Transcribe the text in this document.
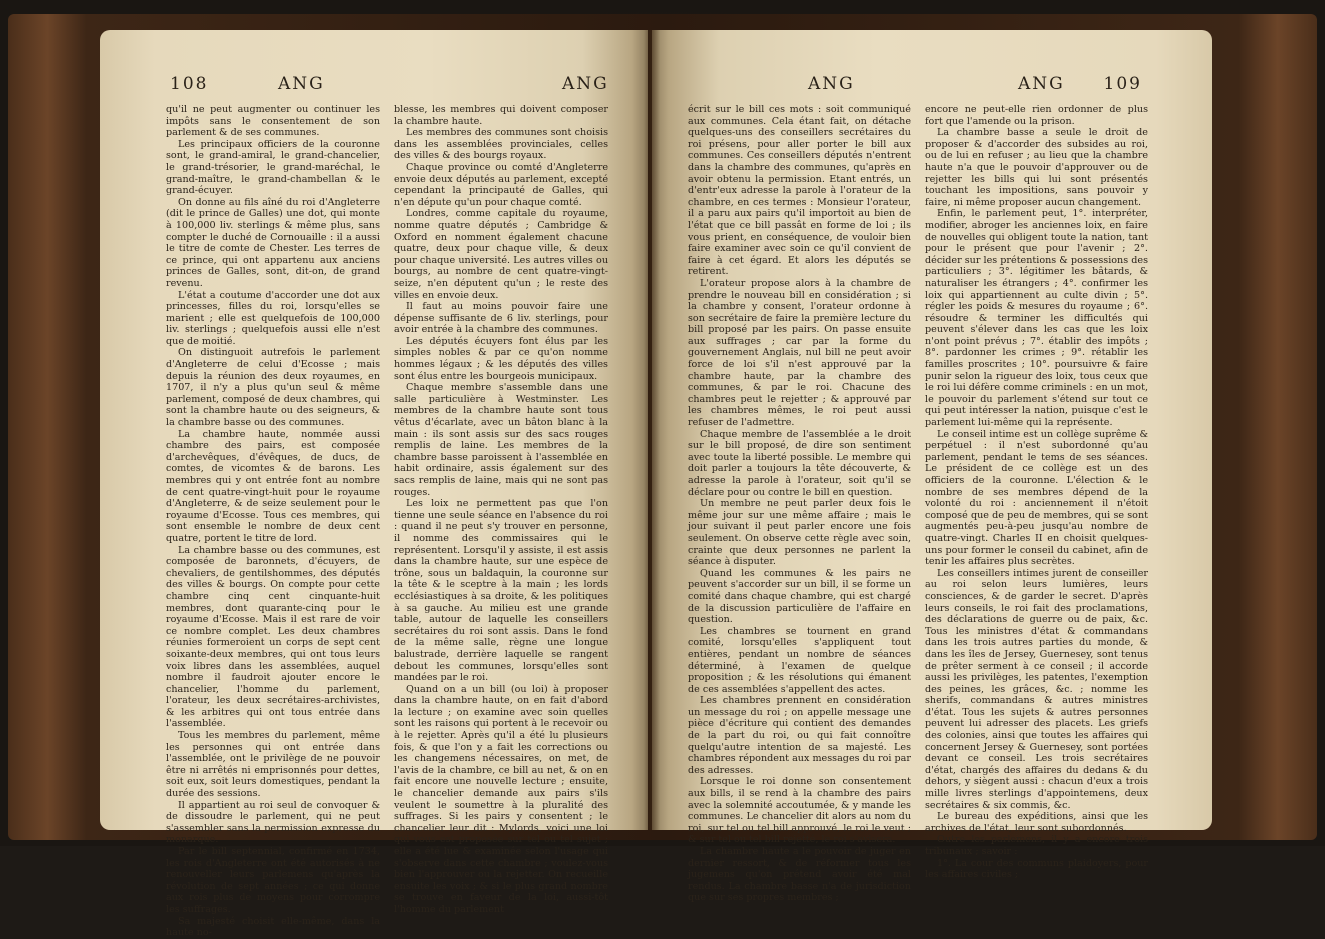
108	ANG	ANG

qu'il ne peut augmenter ou continuer les impôts sans le consentement de son parlement & de ses communes.

Les principaux officiers de la couronne sont, le grand-amiral, le grand-chancelier, le grand-trésorier, le grand-maréchal, le grand-maître, le grand-chambellan & le grand-écuyer.

On donne au fils aîné du roi d'Angleterre (dit le prince de Galles) une dot, qui monte à 100,000 liv. sterlings & même plus, sans compter le duché de Cornouaille : il a aussi le titre de comte de Chester. Les terres de ce prince, qui ont appartenu aux anciens princes de Galles, sont, dit-on, de grand revenu.

L'état a coutume d'accorder une dot aux princesses, filles du roi, lorsqu'elles se marient ; elle est quelquefois de 100,000 liv. sterlings ; quelquefois aussi elle n'est que de moitié.

On distinguoit autrefois le parlement d'Angleterre de celui d'Ecosse ; mais depuis la réunion des deux royaumes, en 1707, il n'y a plus qu'un seul & même parlement, composé de deux chambres, qui sont la chambre haute ou des seigneurs, & la chambre basse ou des communes.

La chambre haute, nommée aussi chambre des pairs, est composée d'archevêques, d'évêques, de ducs, de comtes, de vicomtes & de barons. Les membres qui y ont entrée font au nombre de cent quatre-vingt-huit pour le royaume d'Angleterre, & de seize seulement pour le royaume d'Ecosse. Tous ces membres, qui sont ensemble le nombre de deux cent quatre, portent le titre de lord.

La chambre basse ou des communes, est composée de baronnets, d'écuyers, de chevaliers, de gentilshommes, des députés des villes & bourgs. On compte pour cette chambre cinq cent cinquante-huit membres, dont quarante-cinq pour le royaume d'Ecosse. Mais il est rare de voir ce nombre complet. Les deux chambres réunies formeroient un corps de sept cent soixante-deux membres, qui ont tous leurs voix libres dans les assemblées, auquel nombre il faudroit ajouter encore le chancelier, l'homme du parlement, l'orateur, les deux secrétaires-archivistes, & les arbitres qui ont tous entrée dans l'assemblée.

Tous les membres du parlement, même les personnes qui ont entrée dans l'assemblée, ont le privilège de ne pouvoir être ni arrêtés ni emprisonnés pour dettes, soit eux, soit leurs domestiques, pendant la durée des sessions.

Il appartient au roi seul de convoquer & de dissoudre le parlement, qui ne peut s'assembler sans la permission expresse du monarque.

Par le bill septennial, confirmé en 1734, les rois d'Angleterre ont été autorisés à ne renouveller leurs parlemens qu'après la révolution de sept années ; ce qui donne aux rois plus de moyens pour corrompre les suffrages.

Sa majesté choisit elle-même, dans la haute no-

blesse, les membres qui doivent composer la chambre haute.

Les membres des communes sont choisis dans les assemblées provinciales, celles des villes & des bourgs royaux.

Chaque province ou comté d'Angleterre envoie deux députés au parlement, excepté cependant la principauté de Galles, qui n'en députe qu'un pour chaque comté.

Londres, comme capitale du royaume, nomme quatre députés ; Cambridge & Oxford en nomment également chacune quatre, deux pour chaque ville, & deux pour chaque université. Les autres villes ou bourgs, au nombre de cent quatre-vingt-seize, n'en députent qu'un ; le reste des villes en envoie deux.

Il faut au moins pouvoir faire une dépense suffisante de 6 liv. sterlings, pour avoir entrée à la chambre des communes.

Les députés écuyers font élus par les simples nobles & par ce qu'on nomme hommes légaux ; & les députés des villes sont élus entre les bourgeois municipaux.

Chaque membre s'assemble dans une salle particulière à Westminster. Les membres de la chambre haute sont tous vêtus d'écarlate, avec un bâton blanc à la main : ils sont assis sur des sacs rouges remplis de laine. Les membres de la chambre basse paroissent à l'assemblée en habit ordinaire, assis également sur des sacs remplis de laine, mais qui ne sont pas rouges.

Les loix ne permettent pas que l'on tienne une seule séance en l'absence du roi : quand il ne peut s'y trouver en personne, il nomme des commissaires qui le représentent. Lorsqu'il y assiste, il est assis dans la chambre haute, sur une espèce de trône, sous un baldaquin, la couronne sur la tête & le sceptre à la main ; les lords ecclésiastiques à sa droite, & les politiques à sa gauche. Au milieu est une grande table, autour de laquelle les conseillers secrétaires du roi sont assis. Dans le fond de la même salle, règne une longue balustrade, derrière laquelle se rangent debout les communes, lorsqu'elles sont mandées par le roi.

Quand on a un bill (ou loi) à proposer dans la chambre haute, on en fait d'abord la lecture ; on examine avec soin quelles sont les raisons qui portent à le recevoir ou à le rejetter. Après qu'il a été lu plusieurs fois, & que l'on y a fait les corrections ou les changemens nécessaires, on met, de l'avis de la chambre, ce bill au net, & on en fait encore une nouvelle lecture ; ensuite, le chancelier demande aux pairs s'ils veulent le soumettre à la pluralité des suffrages. Si les pairs y consentent ; le chancelier leur dit : Mylords, voici une loi qui vous est proposée sur tel ou tel sujet ; elle a été lue & examinée selon l'usage qui s'observe dans cette chambre ; voulez-vous bien l'approuver ou la rejetter. On recueille ensuite les voix ; & si le plus grand nombre se trouve en faveur de la loi, aussi-tôt l'homme du parlement

ANG	ANG 109

écrit sur le bill ces mots : soit communiqué aux communes. Cela étant fait, on détache quelques-uns des conseillers secrétaires du roi présens, pour aller porter le bill aux communes. Ces conseillers députés n'entrent dans la chambre des communes, qu'après en avoir obtenu la permission. Etant entrés, un d'entr'eux adresse la parole à l'orateur de la chambre, en ces termes : Monsieur l'orateur, il a paru aux pairs qu'il importoit au bien de l'état que ce bill passât en forme de loi ; ils vous prient, en conséquence, de vouloir bien faire examiner avec soin ce qu'il convient de faire à cet égard. Et alors les députés se retirent.

L'orateur propose alors à la chambre de prendre le nouveau bill en considération ; si la chambre y consent, l'orateur ordonne à son secrétaire de faire la première lecture du bill proposé par les pairs. On passe ensuite aux suffrages ; car par la forme du gouvernement Anglais, nul bill ne peut avoir force de loi s'il n'est approuvé par la chambre haute, par la chambre des communes, & par le roi. Chacune des chambres peut le rejetter ; & approuvé par les chambres mêmes, le roi peut aussi refuser de l'admettre.

Chaque membre de l'assemblée a le droit sur le bill proposé, de dire son sentiment avec toute la liberté possible. Le membre qui doit parler a toujours la tête découverte, & adresse la parole à l'orateur, soit qu'il se déclare pour ou contre le bill en question.

Un membre ne peut parler deux fois le même jour sur une même affaire ; mais le jour suivant il peut parler encore une fois seulement. On observe cette règle avec soin, crainte que deux personnes ne parlent la séance à disputer.

Quand les communes & les pairs ne peuvent s'accorder sur un bill, il se forme un comité dans chaque chambre, qui est chargé de la discussion particulière de l'affaire en question.

Les chambres se tournent en grand comité, lorsqu'elles s'appliquent tout entières, pendant un nombre de séances déterminé, à l'examen de quelque proposition ; & les résolutions qui émanent de ces assemblées s'appellent des actes.

Les chambres prennent en considération un message du roi ; on appelle message une pièce d'écriture qui contient des demandes de la part du roi, ou qui fait connoître quelqu'autre intention de sa majesté. Les chambres répondent aux messages du roi par des adresses.

Lorsque le roi donne son consentement aux bills, il se rend à la chambre des pairs avec la solemnité accoutumée, & y mande les communes. Le chancelier dit alors au nom du roi, sur tel ou tel bill approuvé, le roi le veut ; & sur tel ou tel bill rejetté, le roi s'avisera.

La chambre haute a le pouvoir de juger en dernier ressort, & de réformer tous les jugemens qu'on prétend avoir été mal rendus. La chambre basse n'a de jurisdiction que sur ses propres membres ;

encore ne peut-elle rien ordonner de plus fort que l'amende ou la prison.

La chambre basse a seule le droit de proposer & d'accorder des subsides au roi, ou de lui en refuser ; au lieu que la chambre haute n'a que le pouvoir d'approuver ou de rejetter les bills qui lui sont présentés touchant les impositions, sans pouvoir y faire, ni même proposer aucun changement.

Enfin, le parlement peut, 1°. interpréter, modifier, abroger les anciennes loix, en faire de nouvelles qui obligent toute la nation, tant pour le présent que pour l'avenir ; 2°. décider sur les prétentions & possessions des particuliers ; 3°. légitimer les bâtards, & naturaliser les étrangers ; 4°. confirmer les loix qui appartiennent au culte divin ; 5°. régler les poids & mesures du royaume ; 6°. résoudre & terminer les difficultés qui peuvent s'élever dans les cas que les loix n'ont point prévus ; 7°. établir des impôts ; 8°. pardonner les crimes ; 9°. rétablir les familles proscrites ; 10°. poursuivre & faire punir selon la rigueur des loix, tous ceux que le roi lui défère comme criminels : en un mot, le pouvoir du parlement s'étend sur tout ce qui peut intéresser la nation, puisque c'est le parlement lui-même qui la représente.

Le conseil intime est un collège suprême & perpétuel : il n'est subordonné qu'au parlement, pendant le tems de ses séances. Le président de ce collège est un des officiers de la couronne. L'élection & le nombre de ses membres dépend de la volonté du roi : anciennement il n'étoit composé que de peu de membres, qui se sont augmentés peu-à-peu jusqu'au nombre de quatre-vingt. Charles II en choisit quelques-uns pour former le conseil du cabinet, afin de tenir les affaires plus secrètes.

Les conseillers intimes jurent de conseiller au roi selon leurs lumières, leurs consciences, & de garder le secret. D'après leurs conseils, le roi fait des proclamations, des déclarations de guerre ou de paix, &c. Tous les ministres d'état & commandans dans les trois autres parties du monde, & dans les îles de Jersey, Guernesey, sont tenus de prêter serment à ce conseil ; il accorde aussi les privilèges, les patentes, l'exemption des peines, les grâces, &c. ; nomme les sherifs, commandans & autres ministres d'état. Tous les sujets & autres personnes peuvent lui adresser des placets. Les griefs des colonies, ainsi que toutes les affaires qui concernent Jersey & Guernesey, sont portées devant ce conseil. Les trois secrétaires d'état, chargés des affaires du dedans & du dehors, y siègent aussi : chacun d'eux a trois mille livres sterlings d'appointemens, deux secrétaires & six commis, &c.

Le bureau des expéditions, ainsi que les archives de l'état, leur sont subordonnés.

Outre les parlemens, il y a encore trois tribunaux ; savoir :

1°. La cour des communs plaidoyers, pour les affaires civiles ;
